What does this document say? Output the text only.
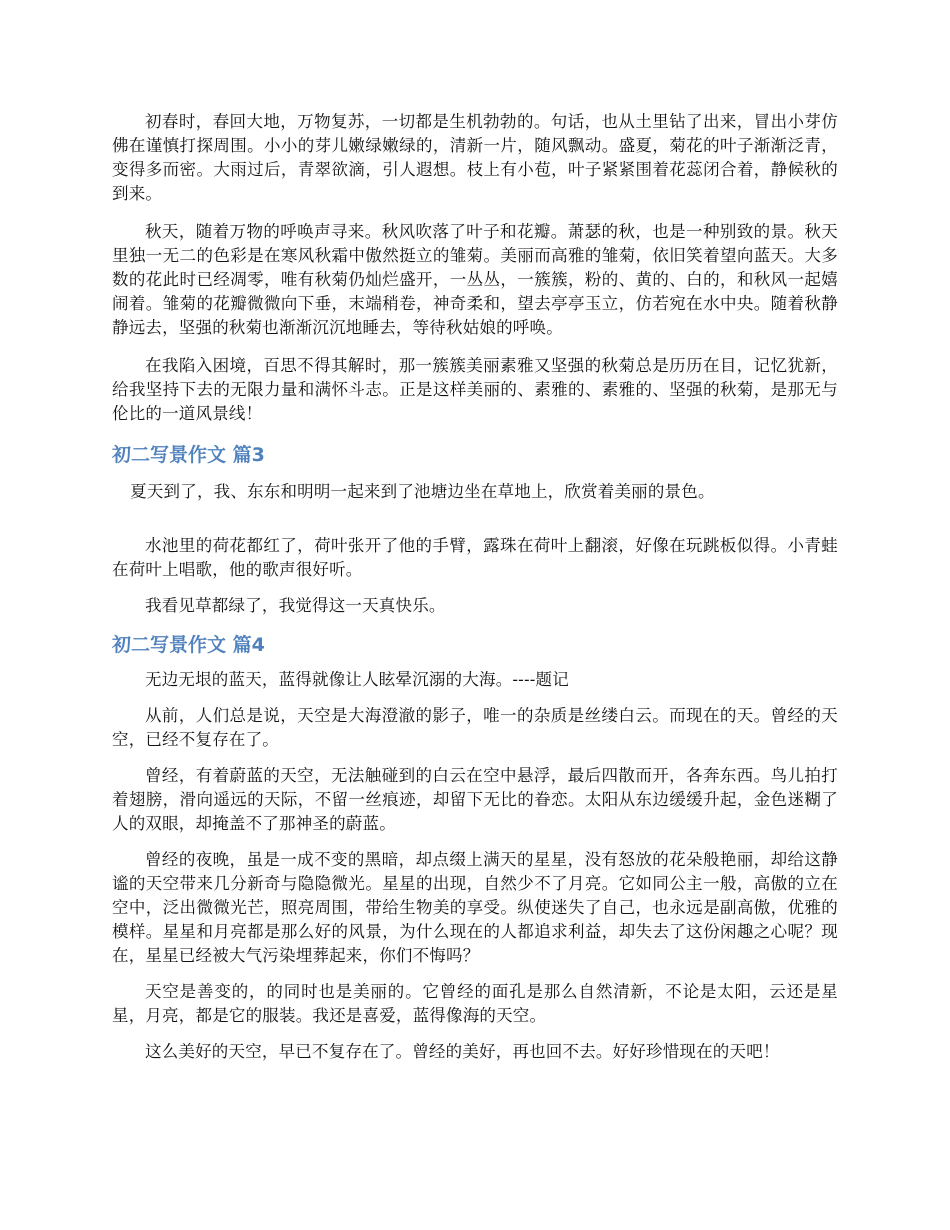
初春时，春回大地，万物复苏，一切都是生机勃勃的。句话，也从土里钻了出来，冒出小芽仿佛在谨慎打探周围。小小的芽儿嫩绿嫩绿的，清新一片，随风飘动。盛夏，菊花的叶子渐渐泛青，变得多而密。大雨过后，青翠欲滴，引人遐想。枝上有小苞，叶子紧紧围着花蕊闭合着，静候秋的到来。

秋天，随着万物的呼唤声寻来。秋风吹落了叶子和花瓣。萧瑟的秋，也是一种别致的景。秋天里独一无二的色彩是在寒风秋霜中傲然挺立的雏菊。美丽而高雅的雏菊，依旧笑着望向蓝天。大多数的花此时已经凋零，唯有秋菊仍灿烂盛开，一丛丛，一簇簇，粉的、黄的、白的，和秋风一起嬉闹着。雏菊的花瓣微微向下垂，末端稍卷，神奇柔和，望去亭亭玉立，仿若宛在水中央。随着秋静静远去，坚强的秋菊也渐渐沉沉地睡去，等待秋姑娘的呼唤。

在我陷入困境，百思不得其解时，那一簇簇美丽素雅又坚强的秋菊总是历历在目，记忆犹新，给我坚持下去的无限力量和满怀斗志。正是这样美丽的、素雅的、素雅的、坚强的秋菊，是那无与伦比的一道风景线！

初二写景作文 篇3

夏天到了，我、东东和明明一起来到了池塘边坐在草地上，欣赏着美丽的景色。

水池里的荷花都红了，荷叶张开了他的手臂，露珠在荷叶上翻滚，好像在玩跳板似得。小青蛙在荷叶上唱歌，他的歌声很好听。

我看见草都绿了，我觉得这一天真快乐。

初二写景作文 篇4

无边无垠的蓝天，蓝得就像让人眩晕沉溺的大海。----题记

从前，人们总是说，天空是大海澄澈的影子，唯一的杂质是丝缕白云。而现在的天。曾经的天空，已经不复存在了。

曾经，有着蔚蓝的天空，无法触碰到的白云在空中悬浮，最后四散而开，各奔东西。鸟儿拍打着翅膀，滑向遥远的天际，不留一丝痕迹，却留下无比的眷恋。太阳从东边缓缓升起，金色迷糊了人的双眼，却掩盖不了那神圣的蔚蓝。

曾经的夜晚，虽是一成不变的黑暗，却点缀上满天的星星，没有怒放的花朵般艳丽，却给这静谧的天空带来几分新奇与隐隐微光。星星的出现，自然少不了月亮。它如同公主一般，高傲的立在空中，泛出微微光芒，照亮周围，带给生物美的享受。纵使迷失了自己，也永远是副高傲，优雅的模样。星星和月亮都是那么好的风景，为什么现在的人都追求利益，却失去了这份闲趣之心呢？现在，星星已经被大气污染埋葬起来，你们不悔吗？

天空是善变的，的同时也是美丽的。它曾经的面孔是那么自然清新，不论是太阳，云还是星星，月亮，都是它的服装。我还是喜爱，蓝得像海的天空。

这么美好的天空，早已不复存在了。曾经的美好，再也回不去。好好珍惜现在的天吧！
